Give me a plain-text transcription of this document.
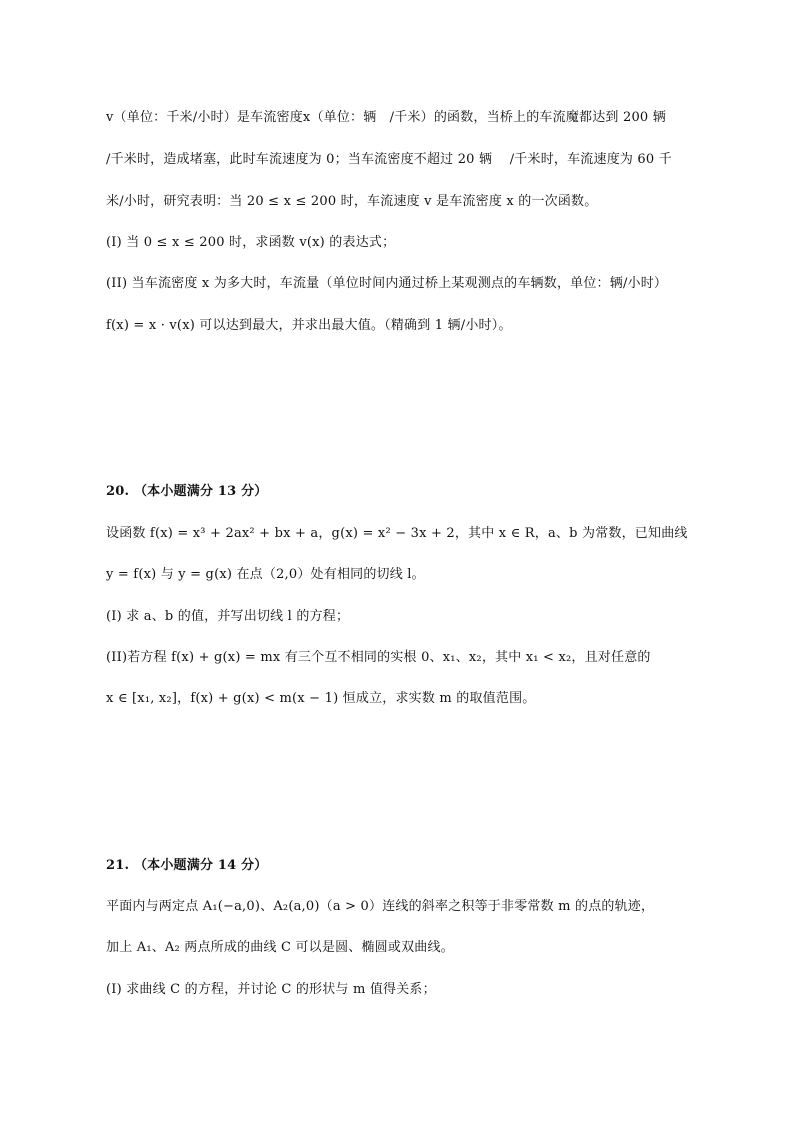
v（单位：千米/小时）是车流密度x（单位：辆　/千米）的函数，当桥上的车流魔都达到 200 辆
/千米时，造成堵塞，此时车流速度为 0；当车流密度不超过 20 辆　 /千米时，车流速度为 60 千
米/小时，研究表明：当 20 ≤ x ≤ 200 时，车流速度 v 是车流密度 x 的一次函数。
(I) 当 0 ≤ x ≤ 200 时，求函数 v(x) 的表达式；
(II) 当车流密度 x 为多大时，车流量（单位时间内通过桥上某观测点的车辆数，单位：辆/小时）
f(x) = x · v(x) 可以达到最大，并求出最大值。（精确到 1 辆/小时）。
20. （本小题满分 13 分）
设函数 f(x) = x³ + 2ax² + bx + a，g(x) = x² − 3x + 2，其中 x ∈ R，a、b 为常数，已知曲线
y = f(x) 与 y = g(x) 在点（2,0）处有相同的切线 l。
(I) 求 a、b 的值，并写出切线 l 的方程；
(II)若方程 f(x) + g(x) = mx 有三个互不相同的实根 0、x₁、x₂，其中 x₁ < x₂，且对任意的
x ∈ [x₁, x₂]，f(x) + g(x) < m(x − 1) 恒成立，求实数 m 的取值范围。
21. （本小题满分 14 分）
平面内与两定点 A₁(−a,0)、A₂(a,0)（a > 0）连线的斜率之积等于非零常数 m 的点的轨迹，
加上 A₁、A₂ 两点所成的曲线 C 可以是圆、椭圆或双曲线。
(I) 求曲线 C 的方程，并讨论 C 的形状与 m 值得关系；
